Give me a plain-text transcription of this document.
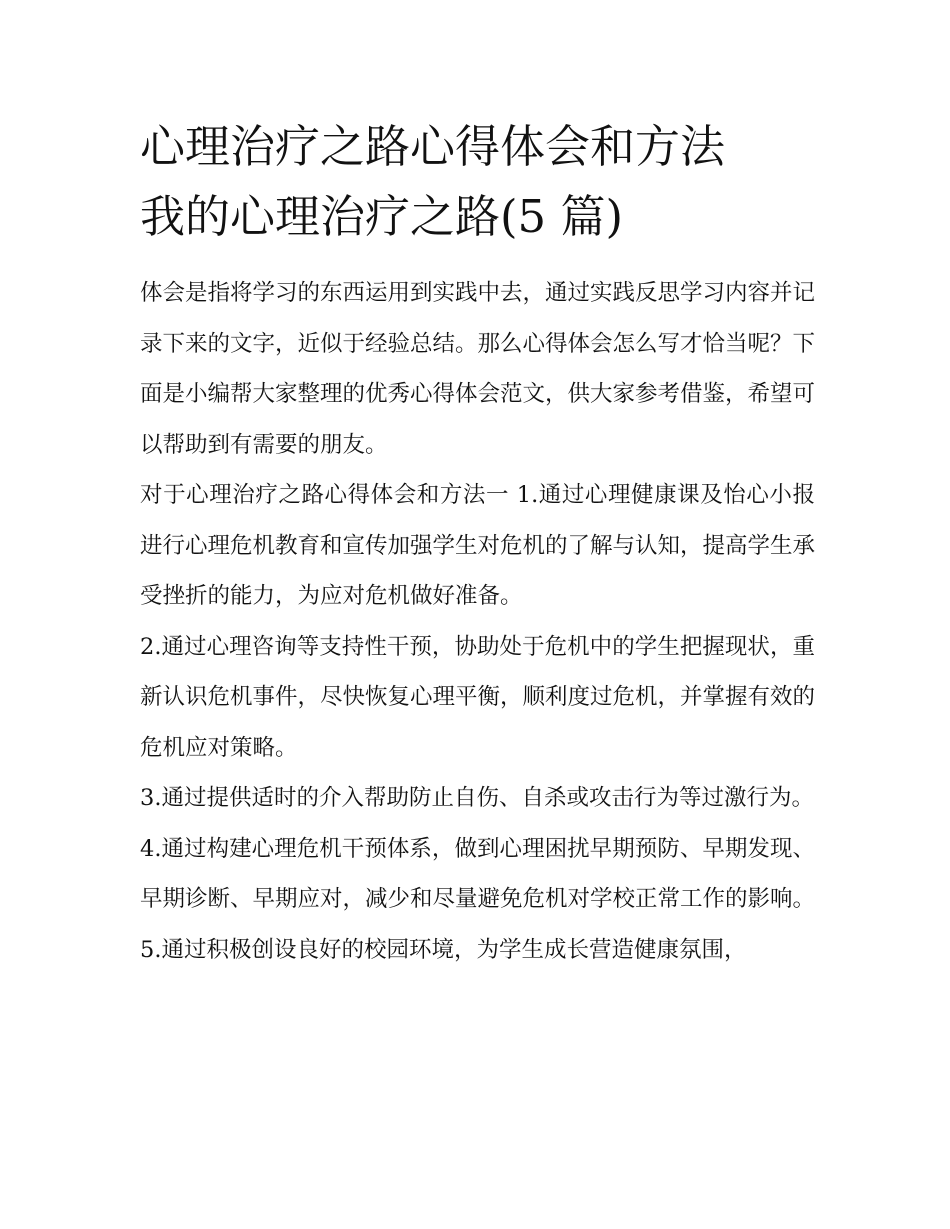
心理治疗之路心得体会和方法
我的心理治疗之路(5 篇)

体会是指将学习的东西运用到实践中去，通过实践反思学习内容并记录下来的文字，近似于经验总结。那么心得体会怎么写才恰当呢？下面是小编帮大家整理的优秀心得体会范文，供大家参考借鉴，希望可以帮助到有需要的朋友。

对于心理治疗之路心得体会和方法一 1.通过心理健康课及怡心小报进行心理危机教育和宣传加强学生对危机的了解与认知，提高学生承受挫折的能力，为应对危机做好准备。

2.通过心理咨询等支持性干预，协助处于危机中的学生把握现状，重新认识危机事件，尽快恢复心理平衡，顺利度过危机，并掌握有效的危机应对策略。

3.通过提供适时的介入帮助防止自伤、自杀或攻击行为等过激行为。

4.通过构建心理危机干预体系，做到心理困扰早期预防、早期发现、早期诊断、早期应对，减少和尽量避免危机对学校正常工作的影响。

5.通过积极创设良好的校园环境，为学生成长营造健康氛围，
